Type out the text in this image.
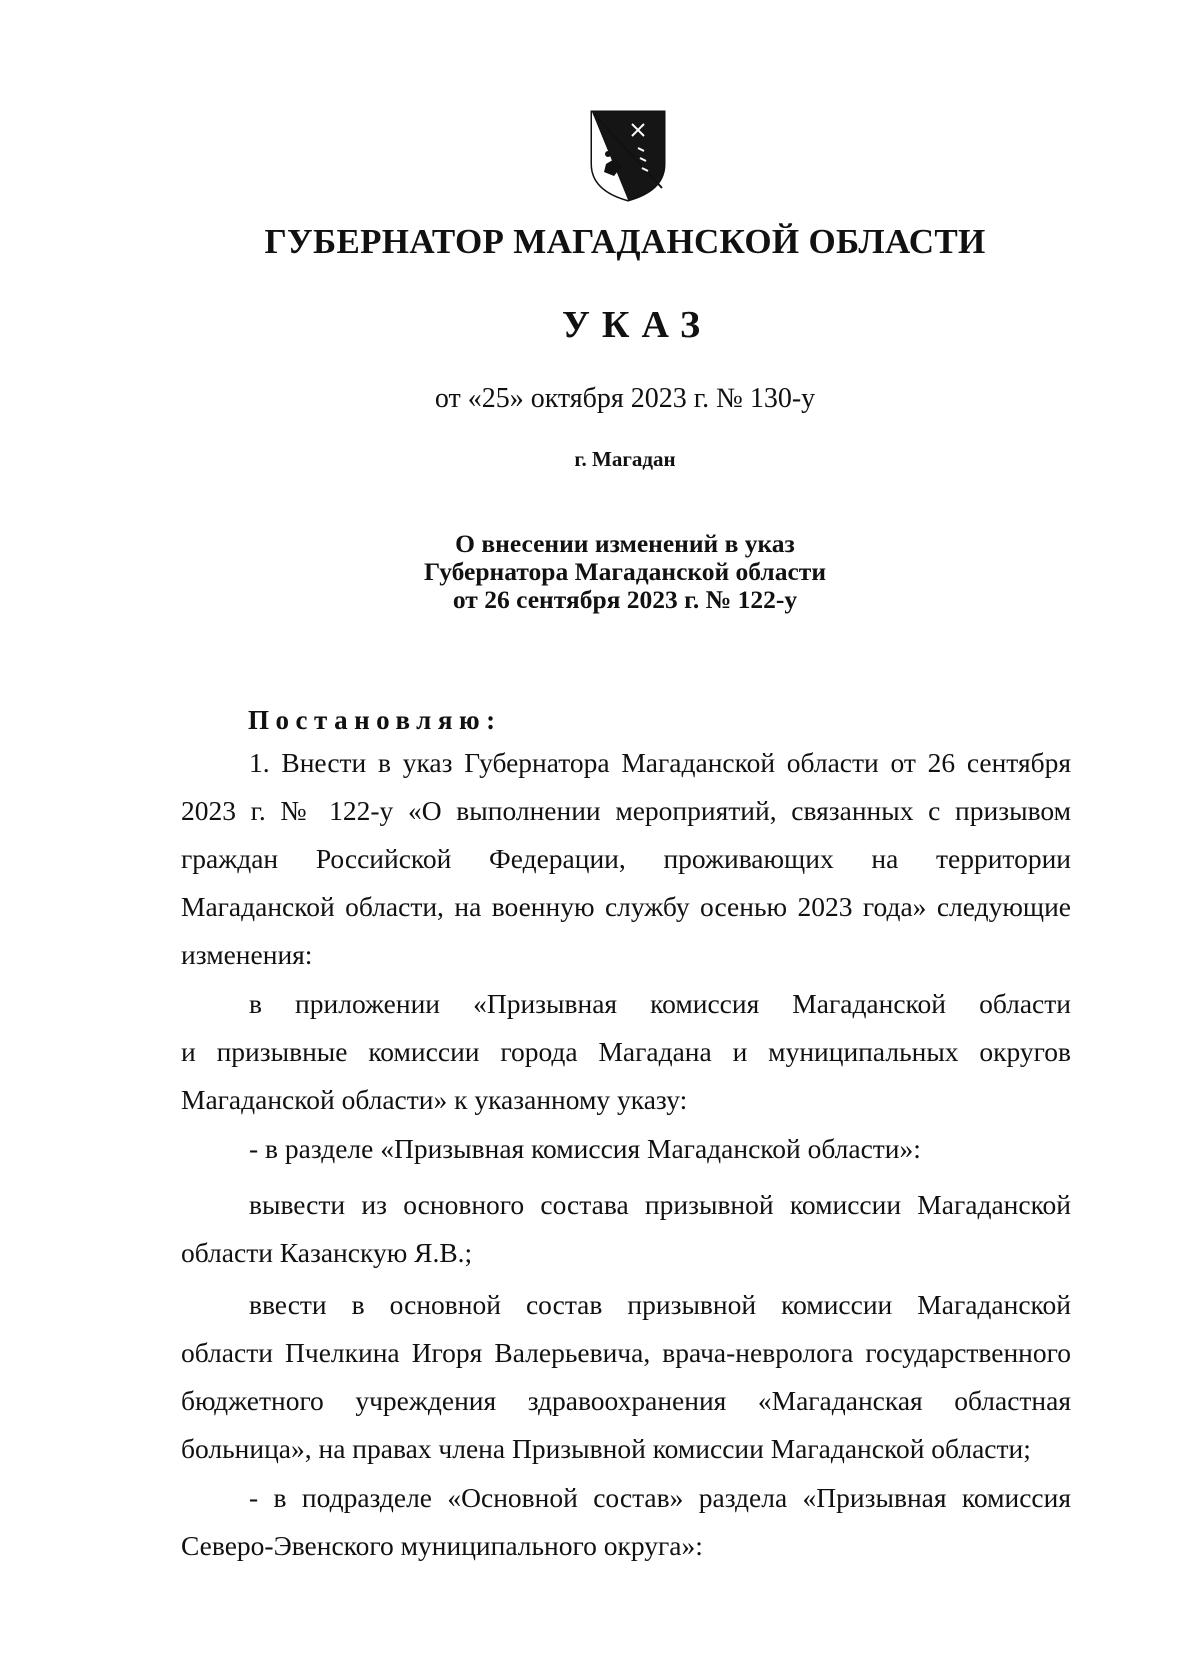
ГУБЕРНАТОР МАГАДАНСКОЙ ОБЛАСТИ
УКАЗ
от «25» октября 2023 г. № 130-у
г. Магадан
О внесении изменений в указ
Губернатора Магаданской области
от 26 сентября 2023 г. № 122-у
Постановляю:
1. Внести в указ Губернатора Магаданской области от 26 сентября
2023 г. № 122-у «О выполнении мероприятий, связанных с призывом
граждан Российской Федерации, проживающих на территории
Магаданской области, на военную службу осенью 2023 года» следующие
изменения:
в приложении «Призывная комиссия Магаданской области
и призывные комиссии города Магадана и муниципальных округов
Магаданской области» к указанному указу:
- в разделе «Призывная комиссия Магаданской области»:
вывести из основного состава призывной комиссии Магаданской
области Казанскую Я.В.;
ввести в основной состав призывной комиссии Магаданской
области Пчелкина Игоря Валерьевича, врача-невролога государственного
бюджетного учреждения здравоохранения «Магаданская областная
больница», на правах члена Призывной комиссии Магаданской области;
- в подразделе «Основной состав» раздела «Призывная комиссия
Северо-Эвенского муниципального округа»:
